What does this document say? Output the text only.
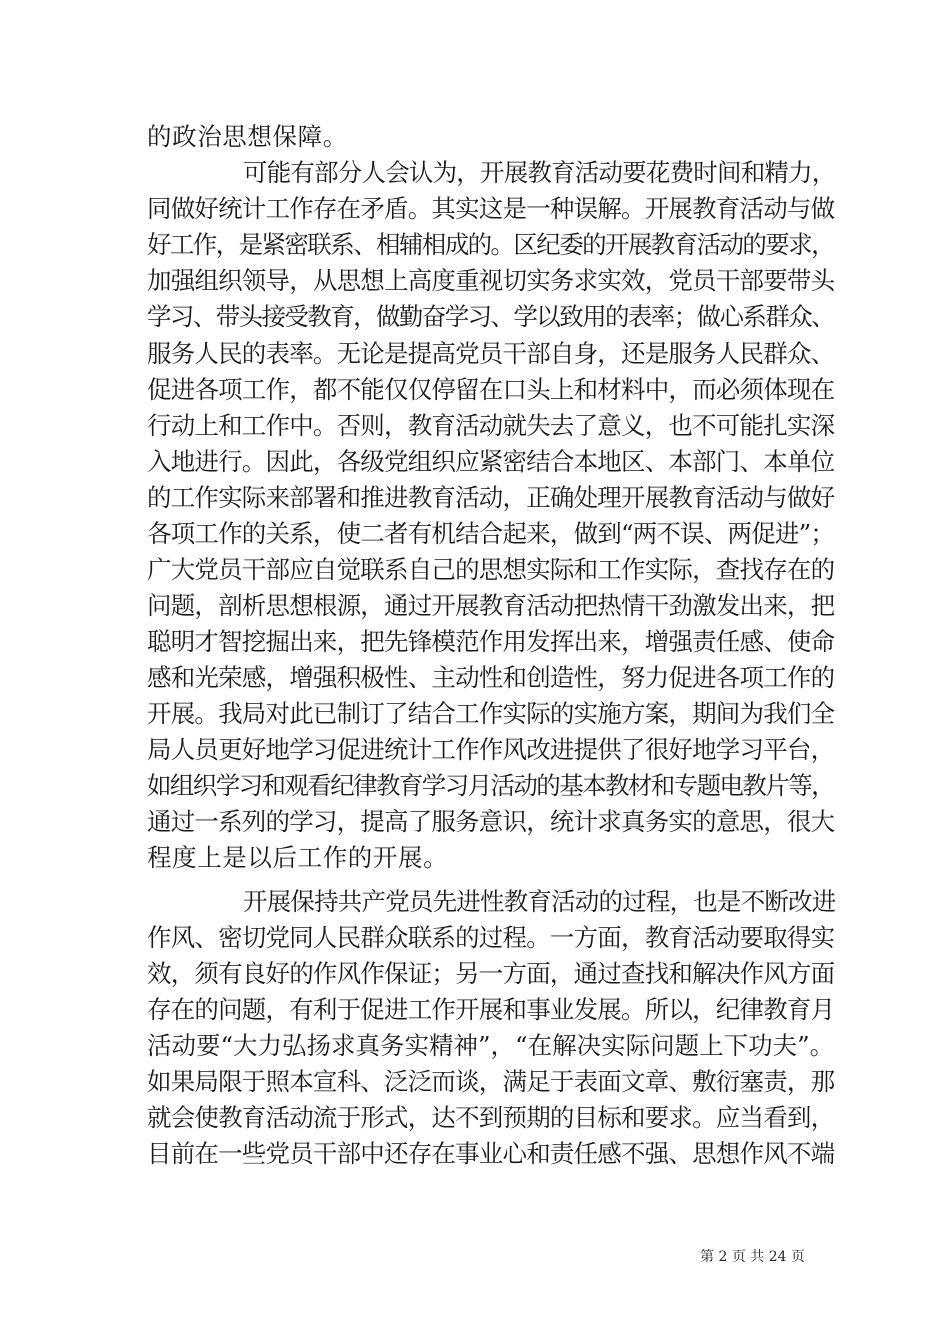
的政治思想保障。

可能有部分人会认为，开展教育活动要花费时间和精力，

同做好统计工作存在矛盾。其实这是一种误解。开展教育活动与做

好工作，是紧密联系、相辅相成的。区纪委的开展教育活动的要求，

加强组织领导，从思想上高度重视切实务求实效，党员干部要带头

学习、带头接受教育，做勤奋学习、学以致用的表率；做心系群众、

服务人民的表率。无论是提高党员干部自身，还是服务人民群众、

促进各项工作，都不能仅仅停留在口头上和材料中，而必须体现在

行动上和工作中。否则，教育活动就失去了意义，也不可能扎实深

入地进行。因此，各级党组织应紧密结合本地区、本部门、本单位

的工作实际来部署和推进教育活动，正确处理开展教育活动与做好

各项工作的关系，使二者有机结合起来，做到“两不误、两促进”；

广大党员干部应自觉联系自己的思想实际和工作实际，查找存在的

问题，剖析思想根源，通过开展教育活动把热情干劲激发出来，把

聪明才智挖掘出来，把先锋模范作用发挥出来，增强责任感、使命

感和光荣感，增强积极性、主动性和创造性，努力促进各项工作的

开展。我局对此已制订了结合工作实际的实施方案，期间为我们全

局人员更好地学习促进统计工作作风改进提供了很好地学习平台，

如组织学习和观看纪律教育学习月活动的基本教材和专题电教片等，

通过一系列的学习，提高了服务意识，统计求真务实的意思，很大

程度上是以后工作的开展。

开展保持共产党员先进性教育活动的过程，也是不断改进

作风、密切党同人民群众联系的过程。一方面，教育活动要取得实

效，须有良好的作风作保证；另一方面，通过查找和解决作风方面

存在的问题，有利于促进工作开展和事业发展。所以，纪律教育月

活动要“大力弘扬求真务实精神”，“在解决实际问题上下功夫”。

如果局限于照本宣科、泛泛而谈，满足于表面文章、敷衍塞责，那

就会使教育活动流于形式，达不到预期的目标和要求。应当看到，

目前在一些党员干部中还存在事业心和责任感不强、思想作风不端

第 2 页 共 24 页
